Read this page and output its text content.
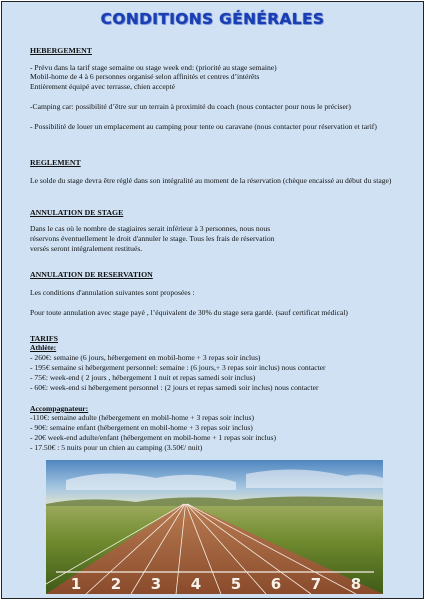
CONDITIONS GÉNÉRALES
HEBERGEMENT
- Prévu dans la tarif stage semaine ou stage week end: (priorité au stage semaine)
Mobil-home de 4 à 6 personnes organisé selon affinités et centres d’intérêts
Entièrement équipé avec terrasse, chien accepté
-Camping car: possibilité d’être sur un terrain à proximité du coach (nous contacter pour nous le préciser)
- Possibilité de louer un emplacement au camping pour tente ou caravane (nous contacter pour réservation et tarif)
REGLEMENT
Le solde du stage devra être réglé dans son intégralité au moment de la réservation (chèque encaissé au début du stage)
ANNULATION DE STAGE
Dans le cas où le nombre de stagiaires serait inférieur à 3 personnes, nous nous
réservons éventuellement le droit d'annuler le stage. Tous les frais de réservation
versés seront intégralement restitués.
ANNULATION DE RESERVATION
Les conditions d'annulation suivantes sont proposées :
Pour toute annulation avec stage payé , l’équivalent de 30% du stage sera gardé. (sauf certificat médical)
TARIFS
Athlète:
- 260€: semaine (6 jours, hébergement en mobil-home + 3 repas soir inclus)
- 195€ semaine si hébergement personnel: semaine : (6 jours,+ 3 repas soir inclus) nous contacter
- 75€: week-end ( 2 jours , hébergement 1 nuit et repas samedi soir inclus)
- 60€: week-end si hébergement personnel : (2 jours et repas samedi soir inclus) nous contacter
Accompagnateur:
-110€: semaine adulte (hébergement en mobil-home + 3 repas soir inclus)
- 90€: semaine enfant (hébergement en mobil-home + 3 repas soir inclus)
- 20€ week-end adulte/enfant (hébergement en mobil-home + 1 repas soir inclus)
- 17.50€ : 5 nuits pour un chien au camping (3.50€/ nuit)
1 2 3 4 5 6 7 8
